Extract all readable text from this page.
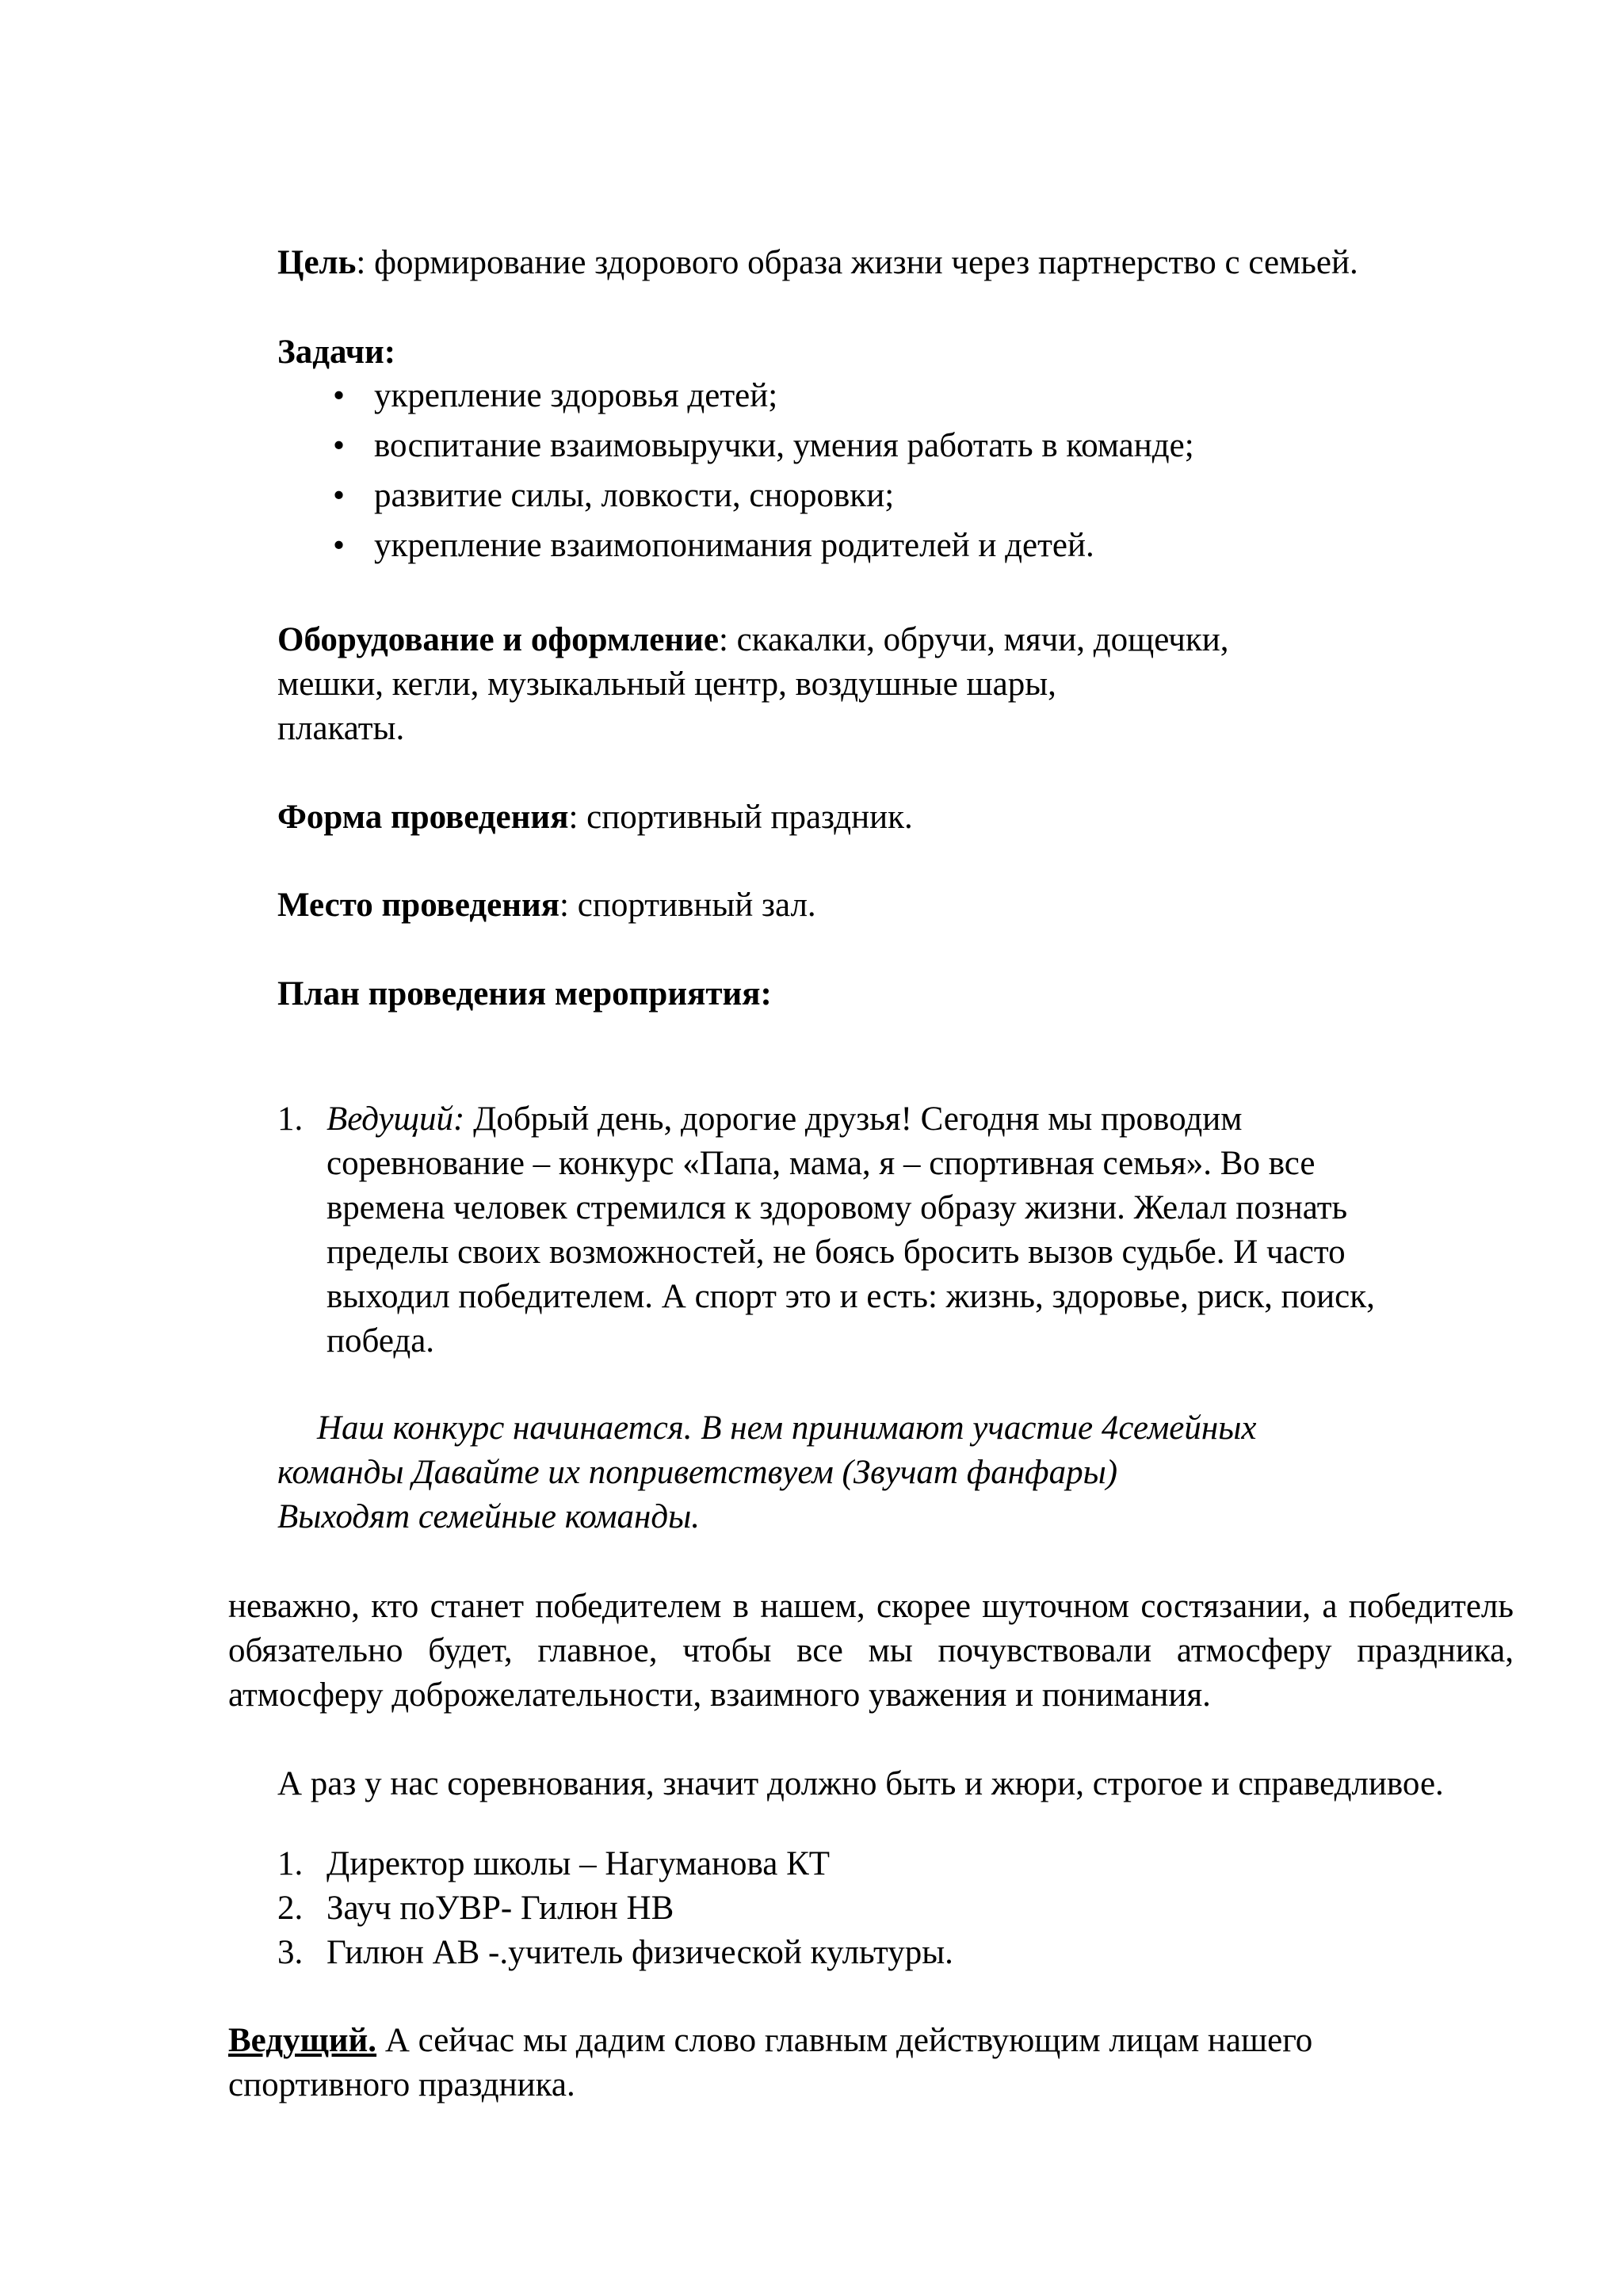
Цель: формирование здорового образа жизни через партнерство с семьей.
Задачи:
• укрепление здоровья детей;
• воспитание взаимовыручки, умения работать в команде;
• развитие силы, ловкости, сноровки;
• укрепление взаимопонимания родителей и детей.
Оборудование и оформление: скакалки, обручи, мячи, дощечки,
мешки, кегли, музыкальный центр, воздушные шары,
плакаты.
Форма проведения: спортивный праздник.
Место проведения: спортивный зал.
План проведения мероприятия:
1. Ведущий: Добрый день, дорогие друзья! Сегодня мы проводим
соревнование – конкурс «Папа, мама, я – спортивная семья». Во все
времена человек стремился к здоровому образу жизни. Желал познать
пределы своих возможностей, не боясь бросить вызов судьбе. И часто
выходил победителем. А спорт это и есть: жизнь, здоровье, риск, поиск,
победа.
Наш конкурс начинается. В нем принимают участие 4семейных
команды Давайте их поприветствуем (Звучат фанфары)
Выходят семейные команды.
неважно, кто станет победителем в нашем, скорее шуточном состязании, а победитель обязательно будет, главное, чтобы все мы почувствовали атмосферу праздника, атмосферу доброжелательности, взаимного уважения и понимания.
А раз у нас соревнования, значит должно быть и жюри, строгое и справедливое.
1. Директор школы – Нагуманова КТ
2. Зауч поУВР- Гилюн НВ
3. Гилюн АВ -.учитель физической культуры.
Ведущий. А сейчас мы дадим слово главным действующим лицам нашего
спортивного праздника.
